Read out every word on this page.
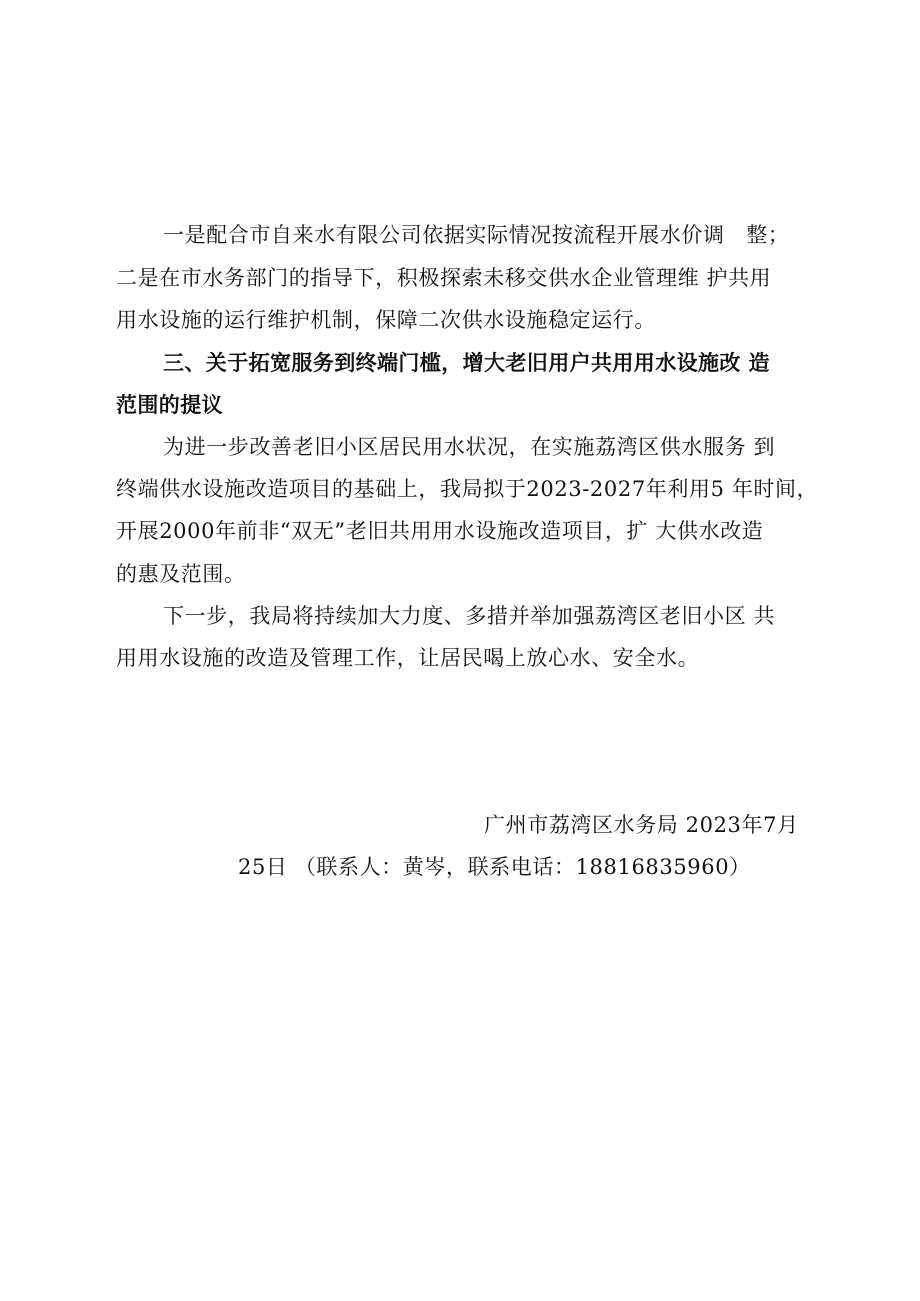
一是配合市自来水有限公司依据实际情况按流程开展水价调　整；
二是在市水务部门的指导下，积极探索未移交供水企业管理维 护共用
用水设施的运行维护机制，保障二次供水设施稳定运行。
三、关于拓宽服务到终端门槛，增大老旧用户共用用水设施改 造
范围的提议
为进一步改善老旧小区居民用水状况，在实施荔湾区供水服务 到
终端供水设施改造项目的基础上，我局拟于2023-2027年利用5 年时间，
开展2000年前非“双无”老旧共用用水设施改造项目，扩 大供水改造
的惠及范围。
下一步，我局将持续加大力度、多措并举加强荔湾区老旧小区 共
用用水设施的改造及管理工作，让居民喝上放心水、安全水。
广州市荔湾区水务局 2023年7月
25日 （联系人：黄岑，联系电话：18816835960）
